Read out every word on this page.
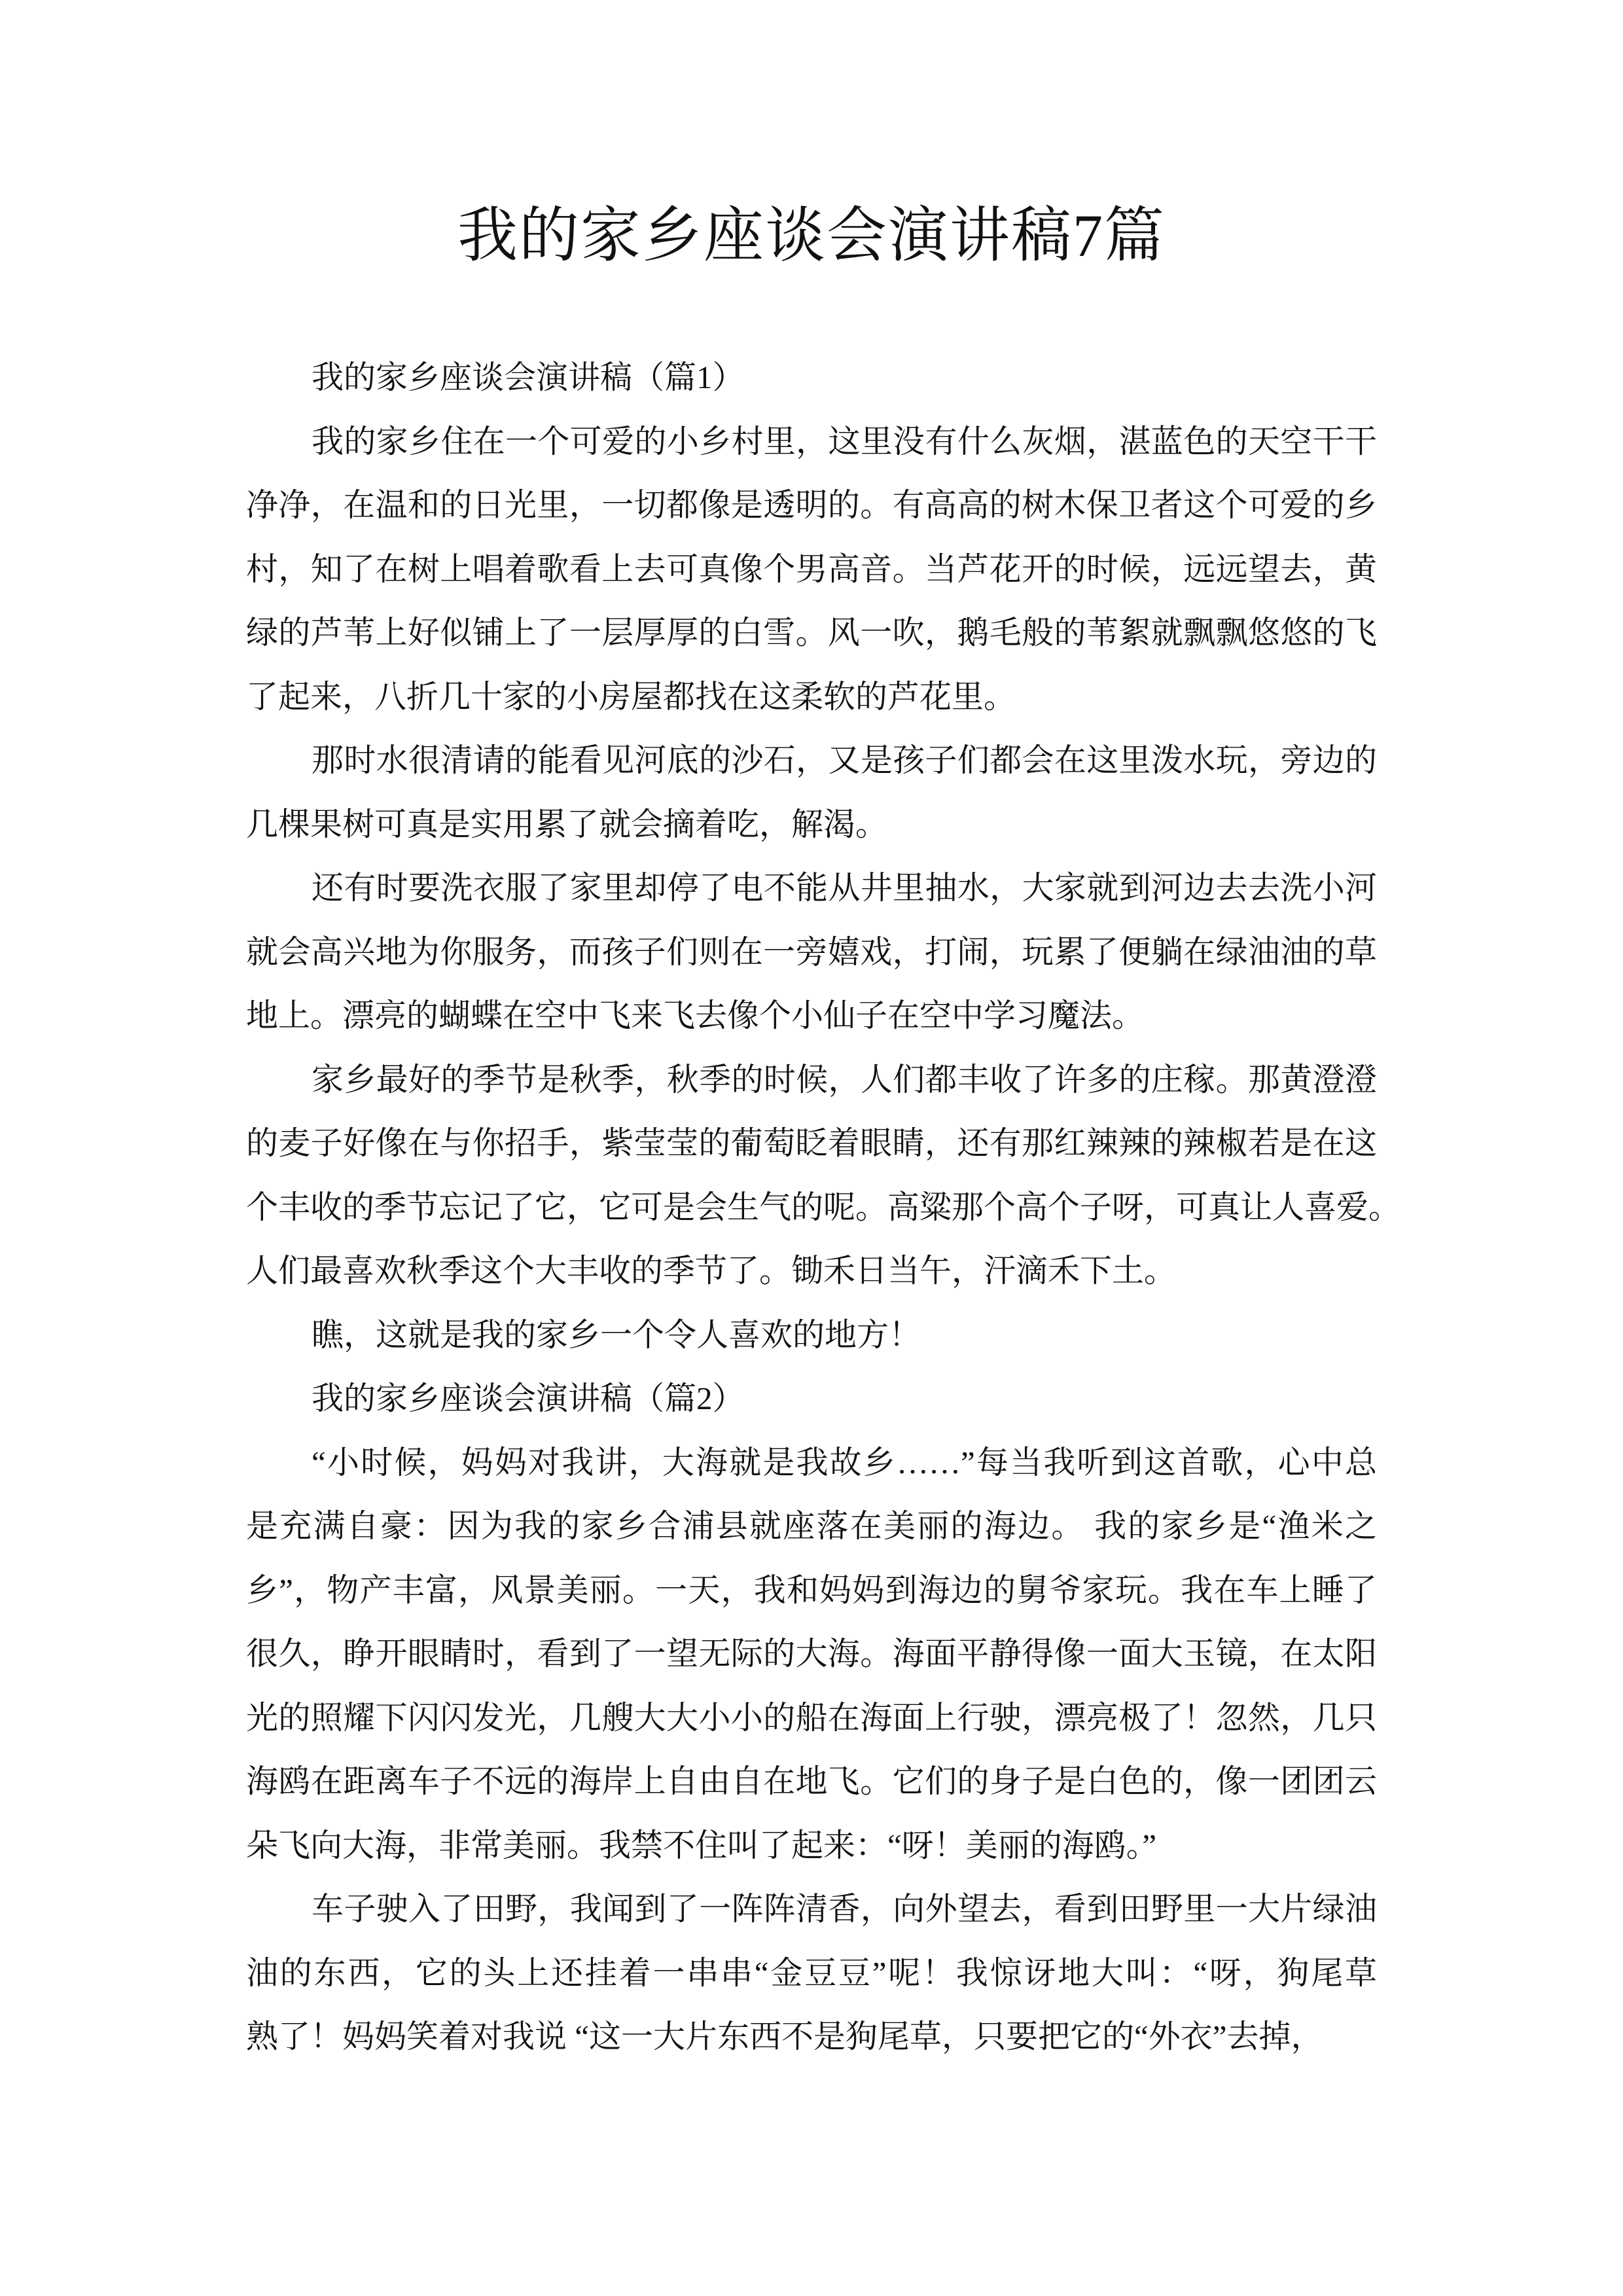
我的家乡座谈会演讲稿7篇
我的家乡座谈会演讲稿（篇1）
我的家乡住在一个可爱的小乡村里，这里没有什么灰烟，湛蓝色的天空干干
净净，在温和的日光里，一切都像是透明的。有高高的树木保卫者这个可爱的乡
村，知了在树上唱着歌看上去可真像个男高音。当芦花开的时候，远远望去，黄
绿的芦苇上好似铺上了一层厚厚的白雪。风一吹，鹅毛般的苇絮就飘飘悠悠的飞
了起来，八折几十家的小房屋都找在这柔软的芦花里。
那时水很清请的能看见河底的沙石，又是孩子们都会在这里泼水玩，旁边的
几棵果树可真是实用累了就会摘着吃，解渴。
还有时要洗衣服了家里却停了电不能从井里抽水，大家就到河边去去洗小河
就会高兴地为你服务，而孩子们则在一旁嬉戏，打闹，玩累了便躺在绿油油的草
地上。漂亮的蝴蝶在空中飞来飞去像个小仙子在空中学习魔法。
家乡最好的季节是秋季，秋季的时候，人们都丰收了许多的庄稼。那黄澄澄
的麦子好像在与你招手，紫莹莹的葡萄眨着眼睛，还有那红辣辣的辣椒若是在这
个丰收的季节忘记了它，它可是会生气的呢。高粱那个高个子呀，可真让人喜爱。
人们最喜欢秋季这个大丰收的季节了。锄禾日当午，汗滴禾下土。
瞧，这就是我的家乡一个令人喜欢的地方！
我的家乡座谈会演讲稿（篇2）
“小时候，妈妈对我讲，大海就是我故乡……”每当我听到这首歌，心中总
是充满自豪：因为我的家乡合浦县就座落在美丽的海边。 我的家乡是“渔米之
乡”，物产丰富，风景美丽。一天，我和妈妈到海边的舅爷家玩。我在车上睡了
很久，睁开眼睛时，看到了一望无际的大海。海面平静得像一面大玉镜，在太阳
光的照耀下闪闪发光，几艘大大小小的船在海面上行驶，漂亮极了！忽然，几只
海鸥在距离车子不远的海岸上自由自在地飞。它们的身子是白色的，像一团团云
朵飞向大海，非常美丽。我禁不住叫了起来：“呀！美丽的海鸥。”
车子驶入了田野，我闻到了一阵阵清香，向外望去，看到田野里一大片绿油
油的东西，它的头上还挂着一串串“金豆豆”呢！我惊讶地大叫：“呀，狗尾草
熟了！妈妈笑着对我说 “这一大片东西不是狗尾草，只要把它的“外衣”去掉，
